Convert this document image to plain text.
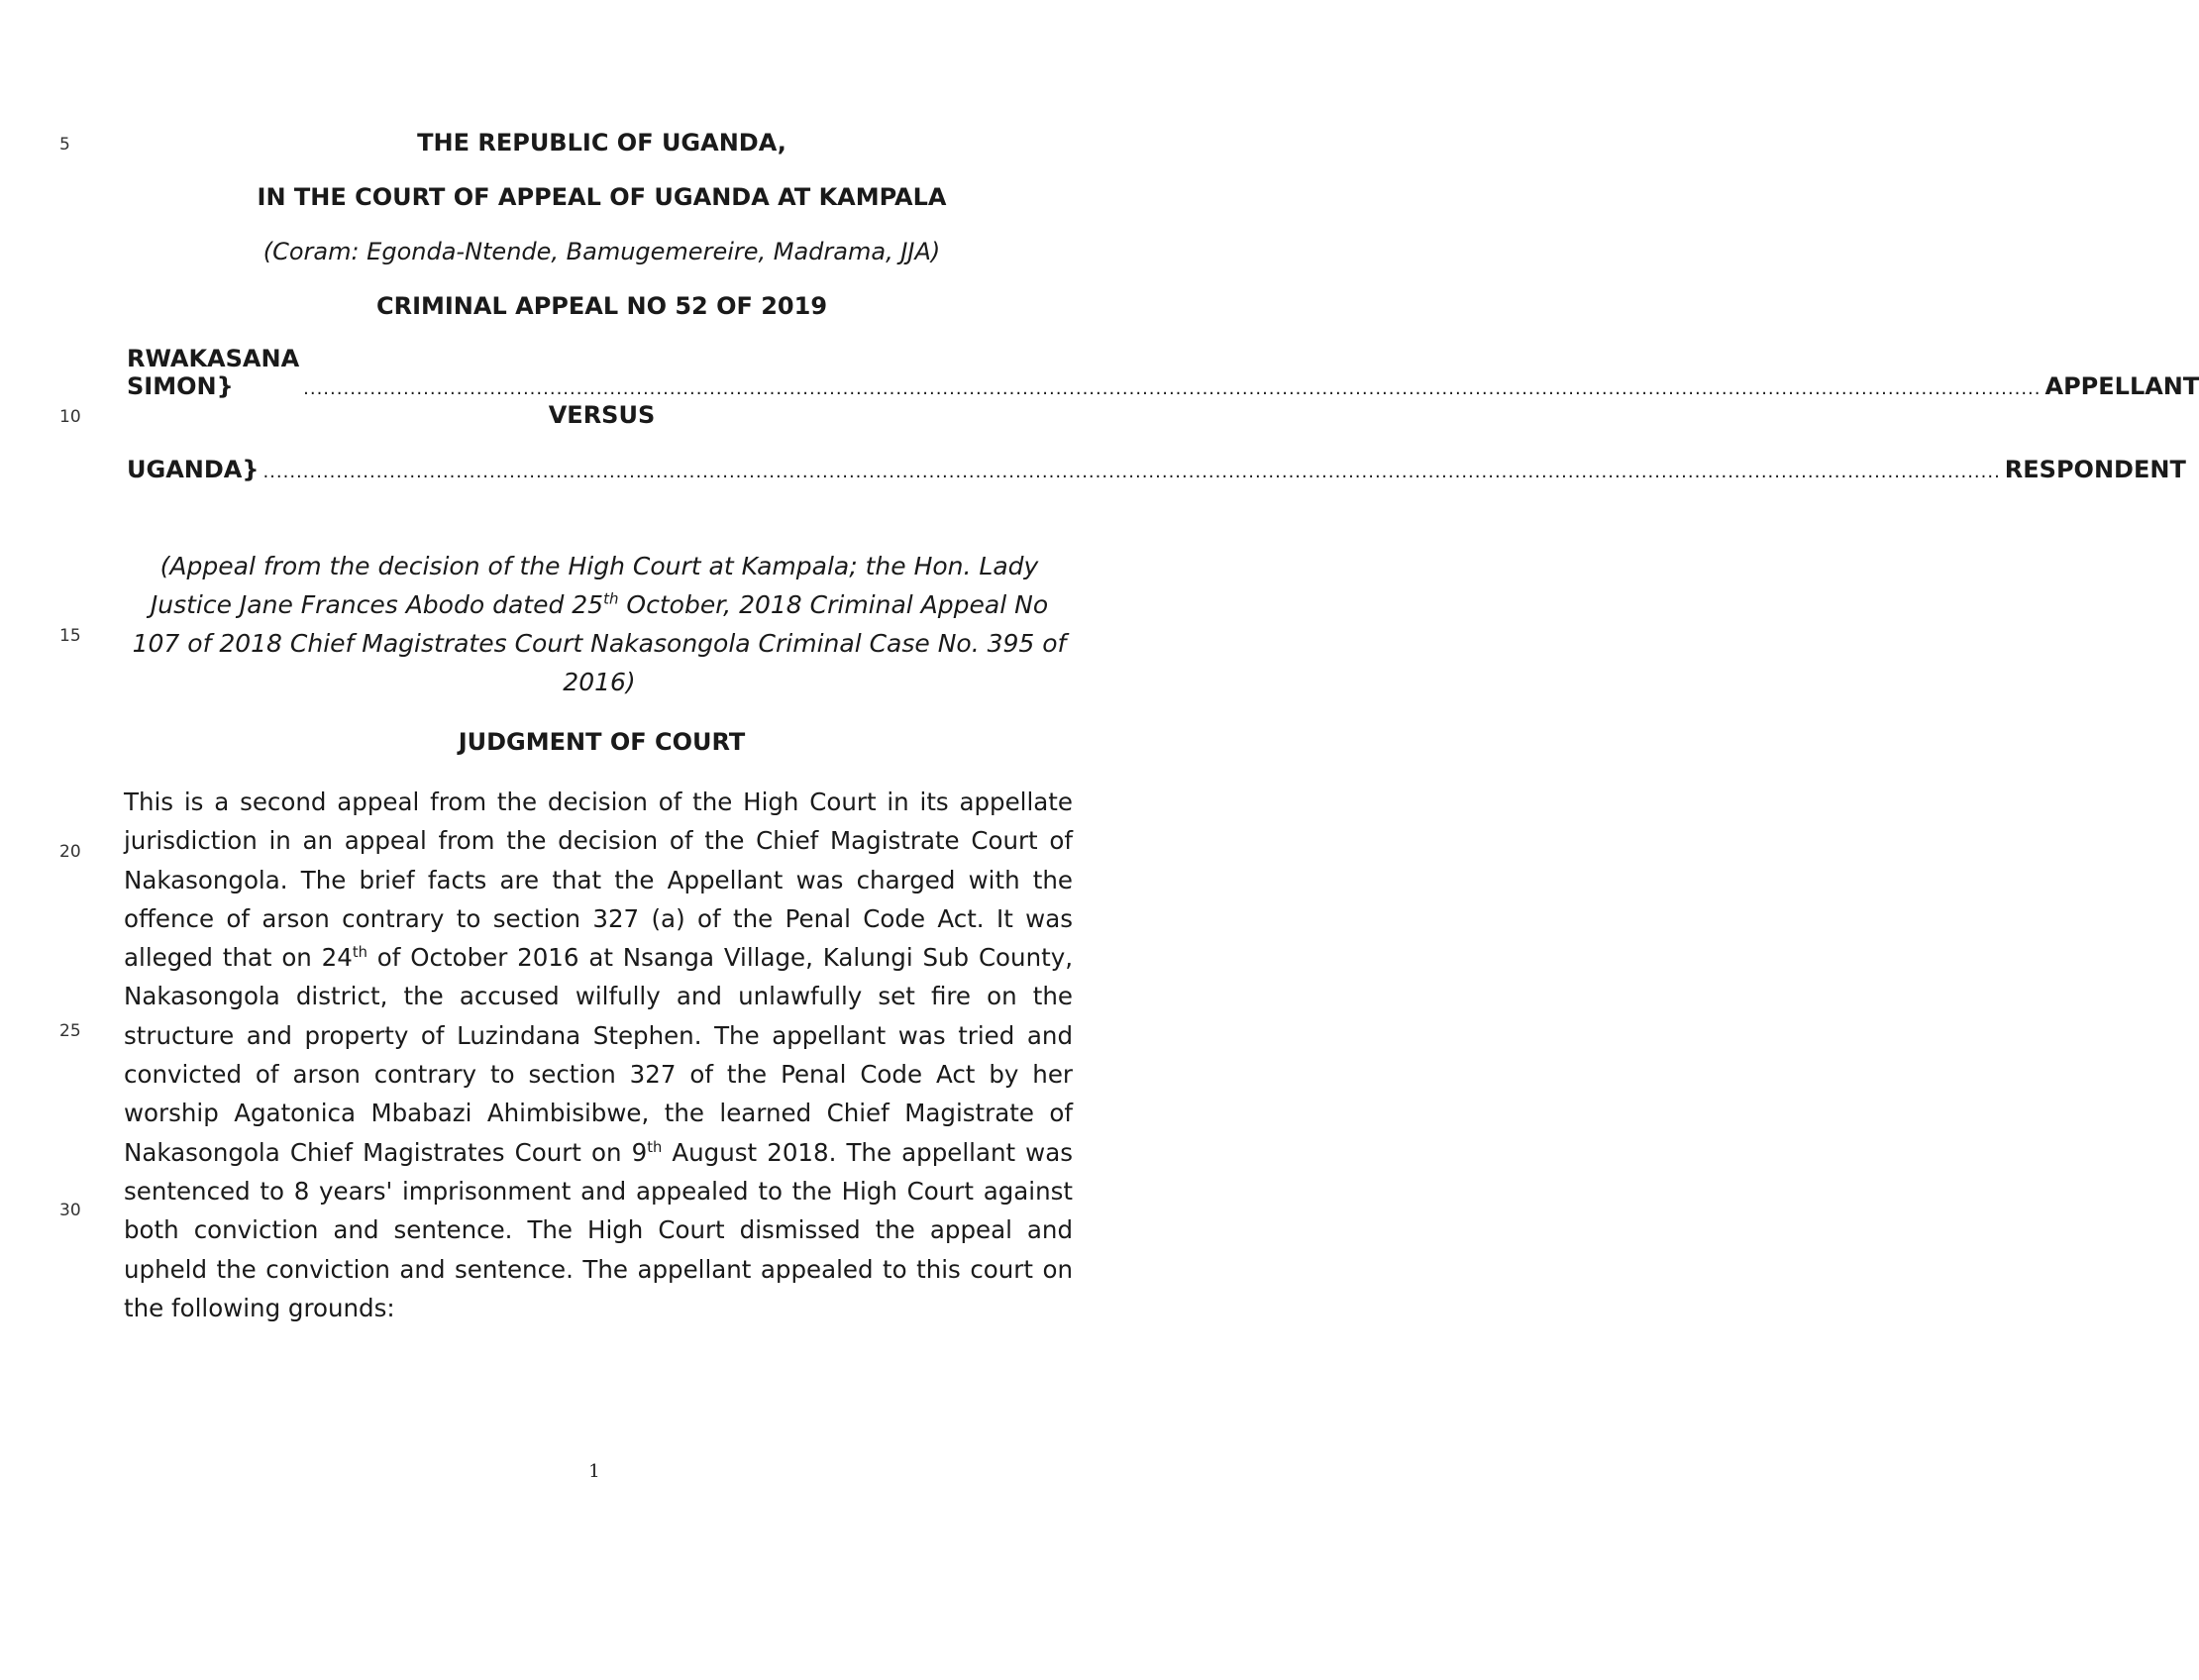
5
10
15
20
25
30
THE REPUBLIC OF UGANDA,
IN THE COURT OF APPEAL OF UGANDA AT KAMPALA
(Coram: Egonda-Ntende, Bamugemereire, Madrama, JJA)
CRIMINAL APPEAL NO 52 OF 2019
RWAKASANA SIMON}	..................................................................................................................................................................................................................................................................... APPELLANT
VERSUS
UGANDA} ..................................................................................................................................................................................................................................................................... RESPONDENT
(Appeal from the decision of the High Court at Kampala; the Hon. Lady Justice Jane Frances Abodo dated 25th October, 2018 Criminal Appeal No 107 of 2018 Chief Magistrates Court Nakasongola Criminal Case No. 395 of 2016)
JUDGMENT OF COURT
This is a second appeal from the decision of the High Court in its appellate jurisdiction in an appeal from the decision of the Chief Magistrate Court of Nakasongola. The brief facts are that the Appellant was charged with the offence of arson contrary to section 327 (a) of the Penal Code Act. It was alleged that on 24th of October 2016 at Nsanga Village, Kalungi Sub County, Nakasongola district, the accused wilfully and unlawfully set fire on the structure and property of Luzindana Stephen. The appellant was tried and convicted of arson contrary to section 327 of the Penal Code Act by her worship Agatonica Mbabazi Ahimbisibwe, the learned Chief Magistrate of Nakasongola Chief Magistrates Court on 9th August 2018. The appellant was sentenced to 8 years' imprisonment and appealed to the High Court against both conviction and sentence. The High Court dismissed the appeal and upheld the conviction and sentence. The appellant appealed to this court on the following grounds:
1
